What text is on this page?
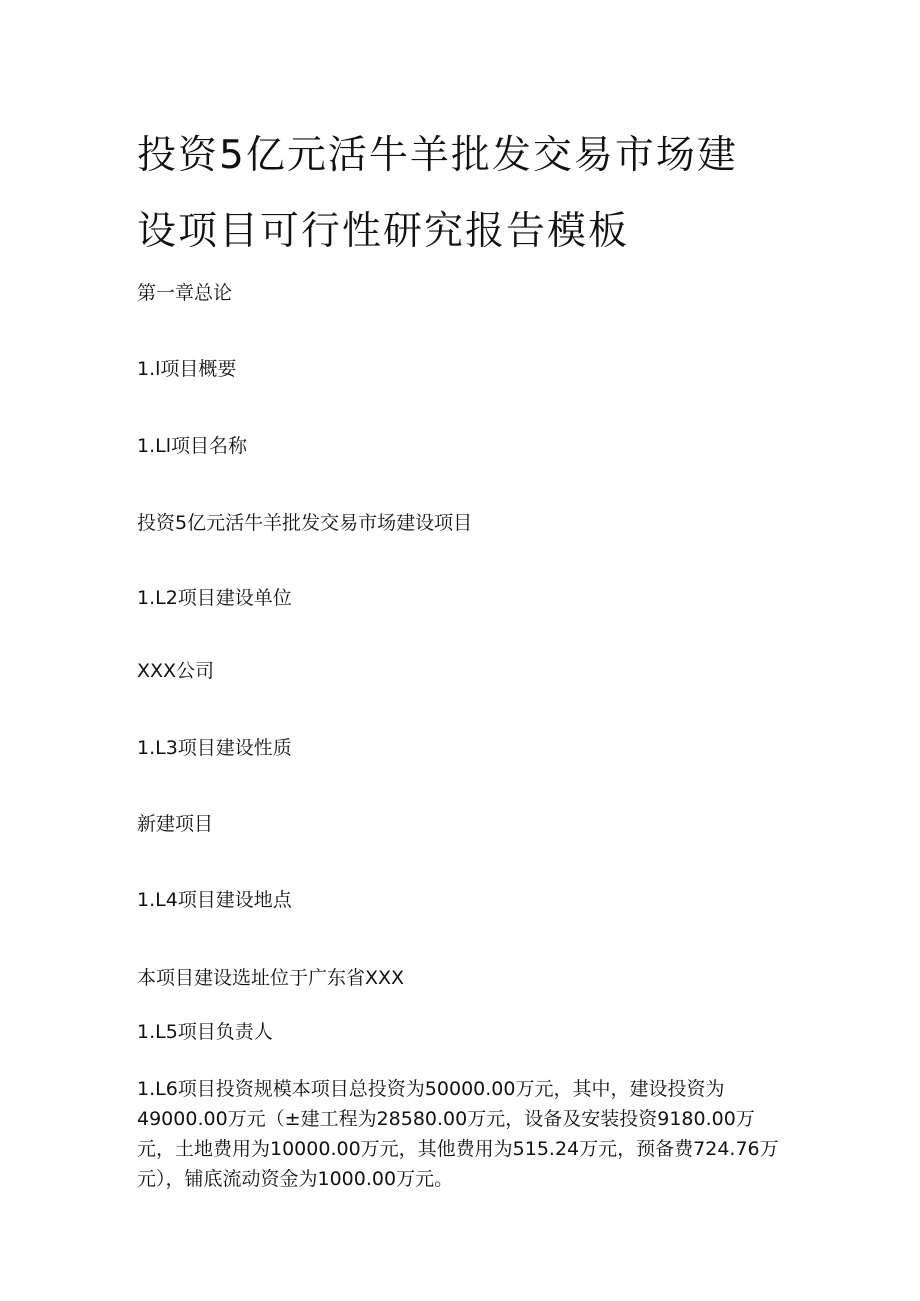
投资5亿元活牛羊批发交易市场建
设项目可行性研究报告模板

第一章总论

1.l项目概要

1.Ll项目名称

投资5亿元活牛羊批发交易市场建设项目

1.L2项目建设单位

XXX公司

1.L3项目建设性质

新建项目

1.L4项目建设地点

本项目建设选址位于广东省XXX

1.L5项目负责人

1.L6项目投资规模本项目总投资为50000.00万元，其中，建设投资为49000.00万元（±建工程为28580.00万元，设备及安装投资9180.00万元，土地费用为10000.00万元，其他费用为515.24万元，预备费724.76万元），铺底流动资金为1000.00万元。
